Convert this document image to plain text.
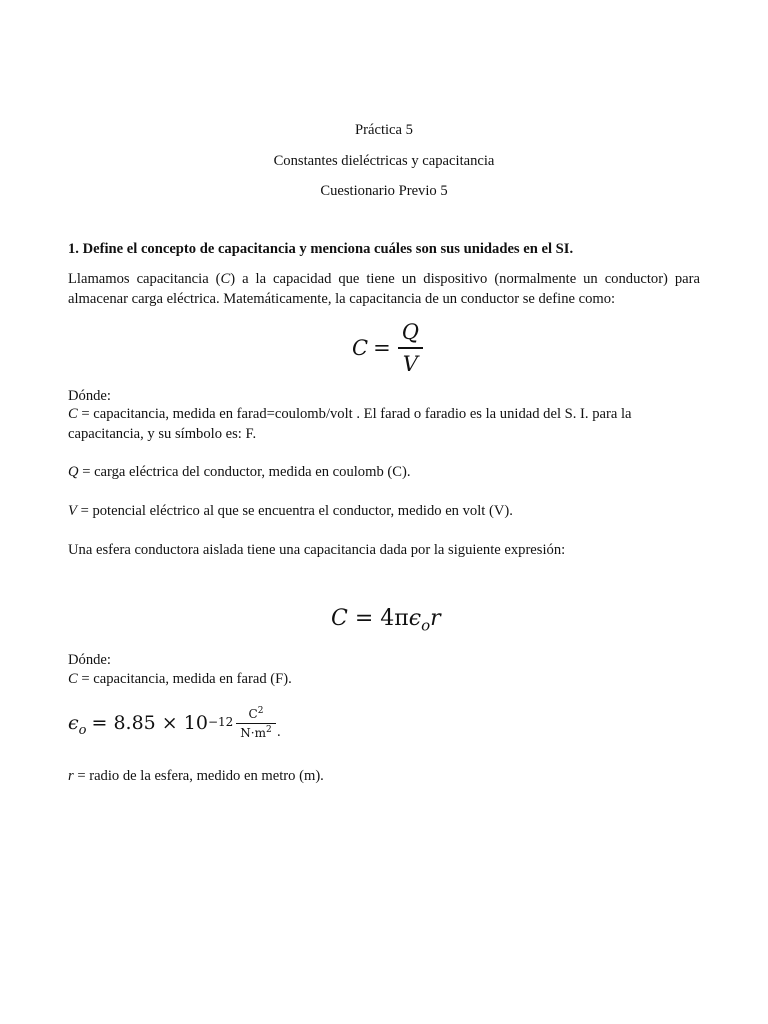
Práctica 5
Constantes dieléctricas y capacitancia
Cuestionario Previo 5
1. Define el concepto de capacitancia y menciona cuáles son sus unidades en el SI.
Llamamos capacitancia (C) a la capacidad que tiene un dispositivo (normalmente un conductor) para almacenar carga eléctrica. Matemáticamente, la capacitancia de un conductor se define como:
$C = \frac{Q}{V}$
Dónde:
C = capacitancia, medida en farad=coulomb/volt . El farad o faradio es la unidad del S. I. para la capacitancia, y su símbolo es: F.
Q = carga eléctrica del conductor, medida en coulomb (C).
V = potencial eléctrico al que se encuentra el conductor, medido en volt (V).
Una esfera conductora aislada tiene una capacitancia dada por la siguiente expresión:
$C = 4\pi\epsilon_or$
Dónde:
C = capacitancia, medida en farad (F).
$\epsilon_o = 8.85 \times 10^{-12} \frac{C^2}{N\cdot m^2}$ .
r = radio de la esfera, medido en metro (m).
